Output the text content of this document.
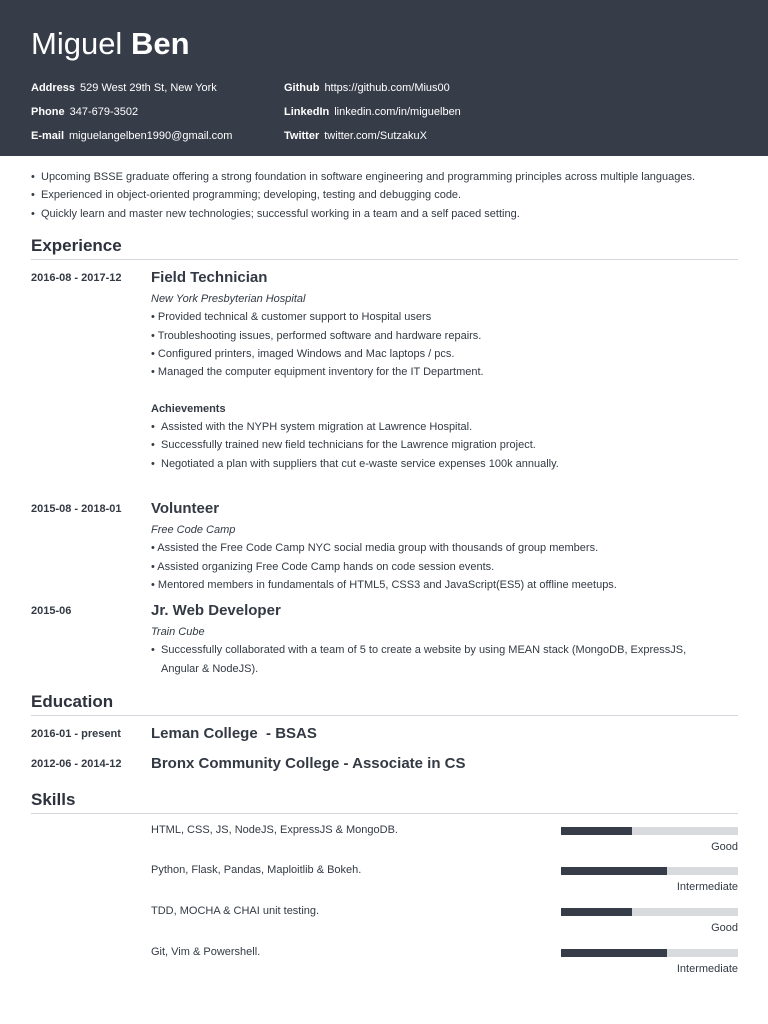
Miguel Ben
Address 529 West 29th St, New York
Phone 347-679-3502
E-mail miguelangelben1990@gmail.com
Github https://github.com/Mius00
LinkedIn linkedin.com/in/miguelben
Twitter twitter.com/SutzakuX
• Upcoming BSSE graduate offering a strong foundation in software engineering and programming principles across multiple languages.
• Experienced in object-oriented programming; developing, testing and debugging code.
• Quickly learn and master new technologies; successful working in a team and a self paced setting.
Experience
2016-08 - 2017-12 Field Technician
New York Presbyterian Hospital
• Provided technical & customer support to Hospital users
• Troubleshooting issues, performed software and hardware repairs.
• Configured printers, imaged Windows and Mac laptops / pcs.
• Managed the computer equipment inventory for the IT Department.
Achievements
• Assisted with the NYPH system migration at Lawrence Hospital.
• Successfully trained new field technicians for the Lawrence migration project.
• Negotiated a plan with suppliers that cut e-waste service expenses 100k annually.
2015-08 - 2018-01 Volunteer
Free Code Camp
• Assisted the Free Code Camp NYC social media group with thousands of group members.
• Assisted organizing Free Code Camp hands on code session events.
• Mentored members in fundamentals of HTML5, CSS3 and JavaScript(ES5) at offline meetups.
2015-06	Jr. Web Developer
Train Cube
• Successfully collaborated with a team of 5 to create a website by using MEAN stack (MongoDB, ExpressJS, Angular & NodeJS).
Education
2016-01 - present Leman College  - BSAS
2012-06 - 2014-12 Bronx Community College - Associate in CS
Skills
HTML, CSS, JS, NodeJS, ExpressJS & MongoDB.
Good
Python, Flask, Pandas, Maploitlib & Bokeh.
Intermediate
TDD, MOCHA & CHAI unit testing.
Good
Git, Vim & Powershell.
Intermediate
